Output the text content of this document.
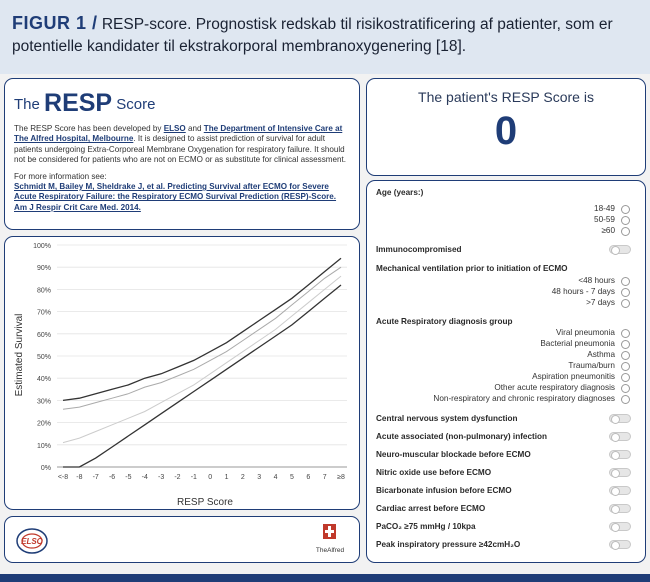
FIGUR 1 / RESP-score. Prognostisk redskab til risikostratificering af patienter, som er
potentielle kandidater til ekstrakorporal membranoxygenering [18].
The RESP Score

The RESP Score has been developed by ELSO and The Department of Intensive Care at The Alfred Hospital, Melbourne. It is designed to assist prediction of survival for adult patients undergoing Extra-Corporeal Membrane Oxygenation for respiratory failure. It should not be considered for patients who are not on ECMO or as substitute for clinical assessment.

For more information see:

Schmidt M, Bailey M, Sheldrake J, et al. Predicting Survival after ECMO for Severe Acute Respiratory Failure: the Respiratory ECMO Survival Prediction (RESP)-Score. Am J Respir Crit Care Med. 2014.

0%
10%
20%
30%
40%
50%
60%
70%
80%
90%
100%
<-8 -8 -7 -6 -5 -4 -3 -2 -1 0 1 2 3 4 5 6 7 ≥8
Estimated Survival
RESP Score
ELSO
TheAlfred
The patient's RESP Score is
0
Age (years:)
18-49
50-59
≥60
Immunocompromised
Mechanical ventilation prior to initiation of ECMO
<48 hours
48 hours - 7 days
>7 days
Acute Respiratory diagnosis group
Viral pneumonia
Bacterial pneumonia
Asthma
Trauma/burn
Aspiration pneumonitis
Other acute respiratory diagnosis
Non-respiratory and chronic respiratory diagnoses
Central nervous system dysfunction
Acute associated (non-pulmonary) infection
Neuro-muscular blockade before ECMO
Nitric oxide use before ECMO
Bicarbonate infusion before ECMO
Cardiac arrest before ECMO
PaCO₂ ≥75 mmHg / 10kpa
Peak inspiratory pressure ≥42cmH₂O
